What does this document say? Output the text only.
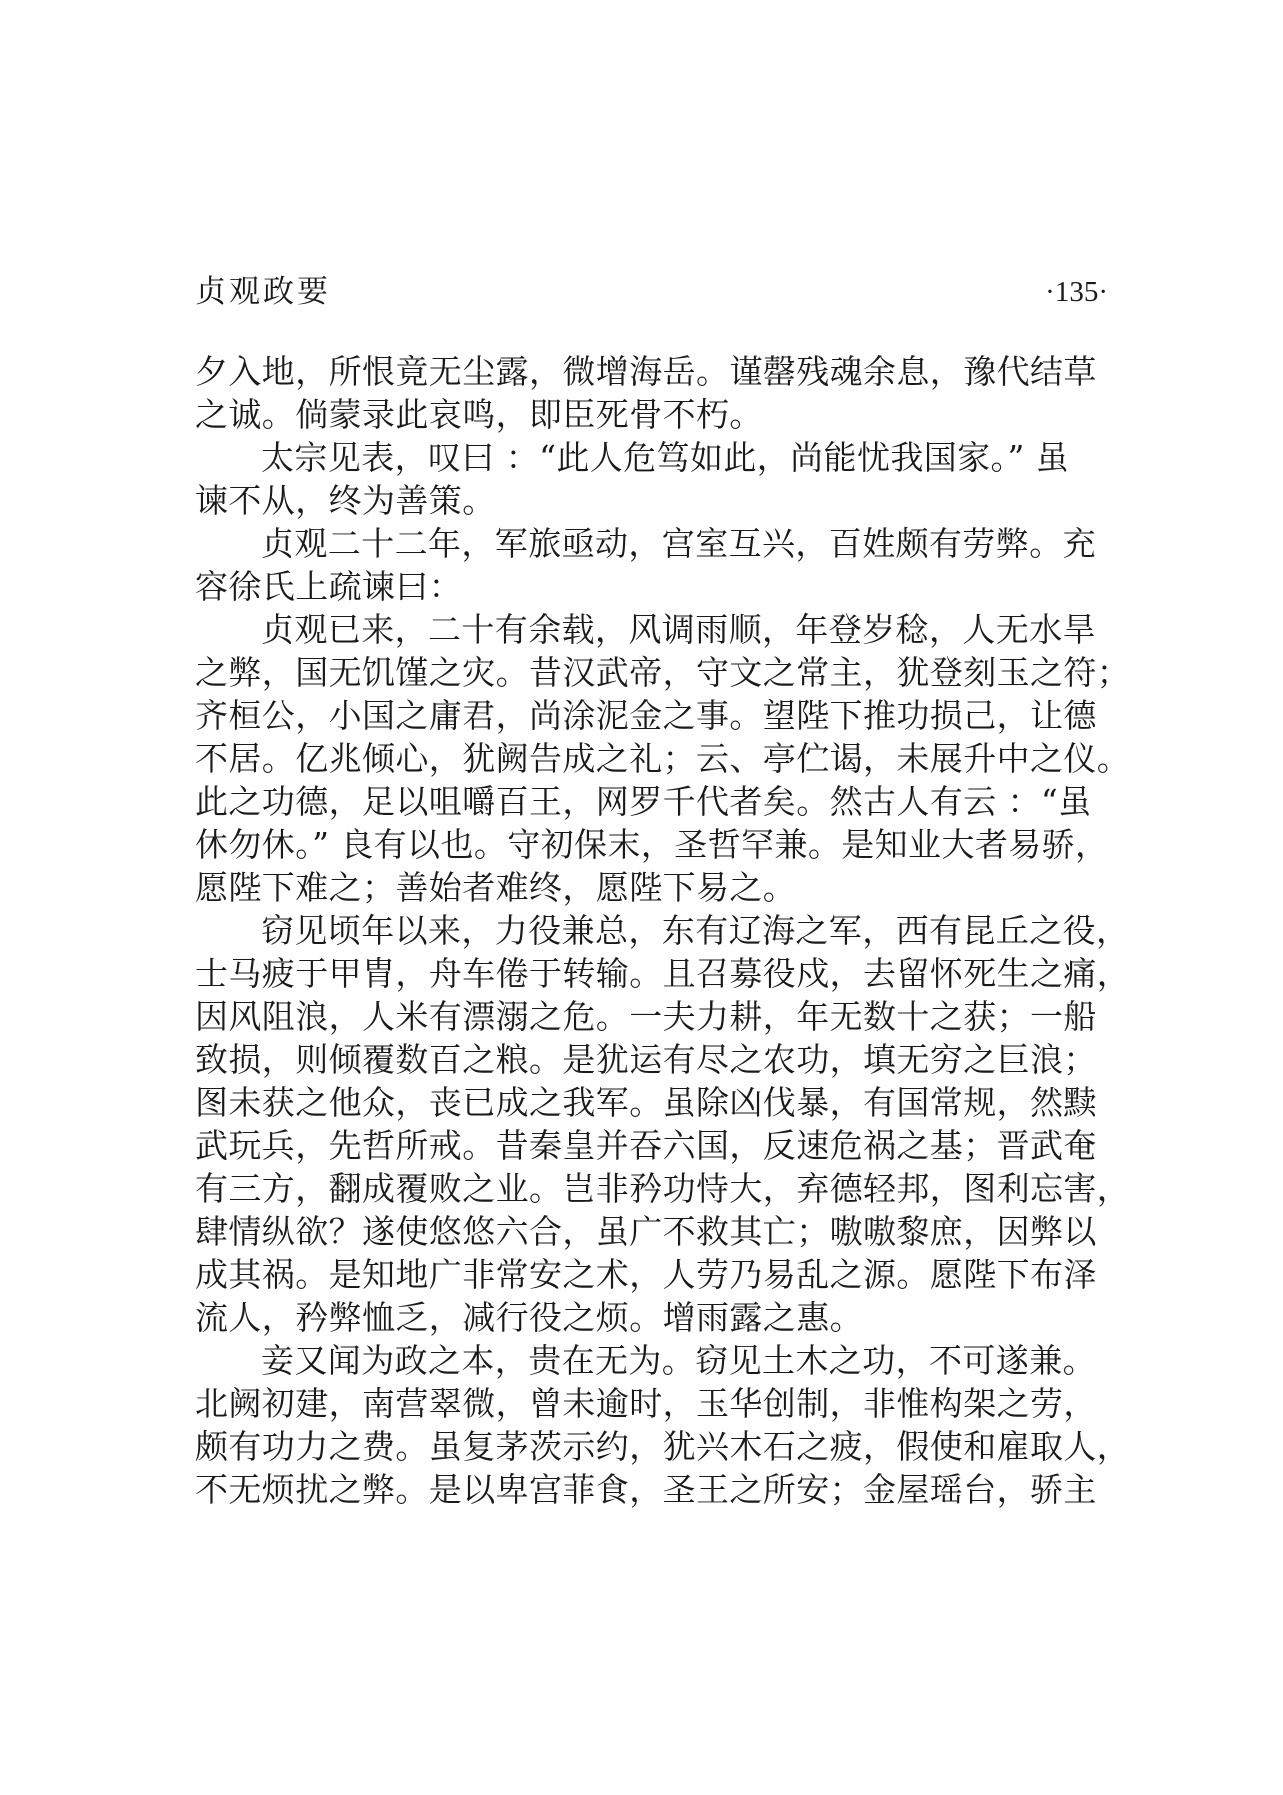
贞观政要	·135·
夕入地，所恨竟无尘露，微增海岳。谨罄残魂余息，豫代结草
之诚。倘蒙录此哀鸣，即臣死骨不朽。
太宗见表，叹曰 ：“此人危笃如此，尚能忧我国家。” 虽
谏不从，终为善策。
贞观二十二年，军旅亟动，宫室互兴，百姓颇有劳弊。充
容徐氏上疏谏曰：
贞观已来，二十有余载，风调雨顺，年登岁稔，人无水旱
之弊，国无饥馑之灾。昔汉武帝，守文之常主，犹登刻玉之符；
齐桓公，小国之庸君，尚涂泥金之事。望陛下推功损己，让德
不居。亿兆倾心，犹阙告成之礼；云、亭伫谒，未展升中之仪。
此之功德，足以咀嚼百王，网罗千代者矣。然古人有云 ：“虽
休勿休。” 良有以也。守初保末，圣哲罕兼。是知业大者易骄，
愿陛下难之；善始者难终，愿陛下易之。
窃见顷年以来，力役兼总，东有辽海之军，西有昆丘之役，
士马疲于甲胄，舟车倦于转输。且召募役戍，去留怀死生之痛，
因风阻浪，人米有漂溺之危。一夫力耕，年无数十之获；一船
致损，则倾覆数百之粮。是犹运有尽之农功，填无穷之巨浪；
图未获之他众，丧已成之我军。虽除凶伐暴，有国常规，然黩
武玩兵，先哲所戒。昔秦皇并吞六国，反速危祸之基；晋武奄
有三方，翻成覆败之业。岂非矜功恃大，弃德轻邦，图利忘害，
肆情纵欲？遂使悠悠六合，虽广不救其亡；嗷嗷黎庶，因弊以
成其祸。是知地广非常安之术，人劳乃易乱之源。愿陛下布泽
流人，矜弊恤乏，减行役之烦。增雨露之惠。
妾又闻为政之本，贵在无为。窃见土木之功，不可遂兼。
北阙初建，南营翠微，曾未逾时，玉华创制，非惟构架之劳，
颇有功力之费。虽复茅茨示约，犹兴木石之疲，假使和雇取人，
不无烦扰之弊。是以卑宫菲食，圣王之所安；金屋瑶台，骄主
